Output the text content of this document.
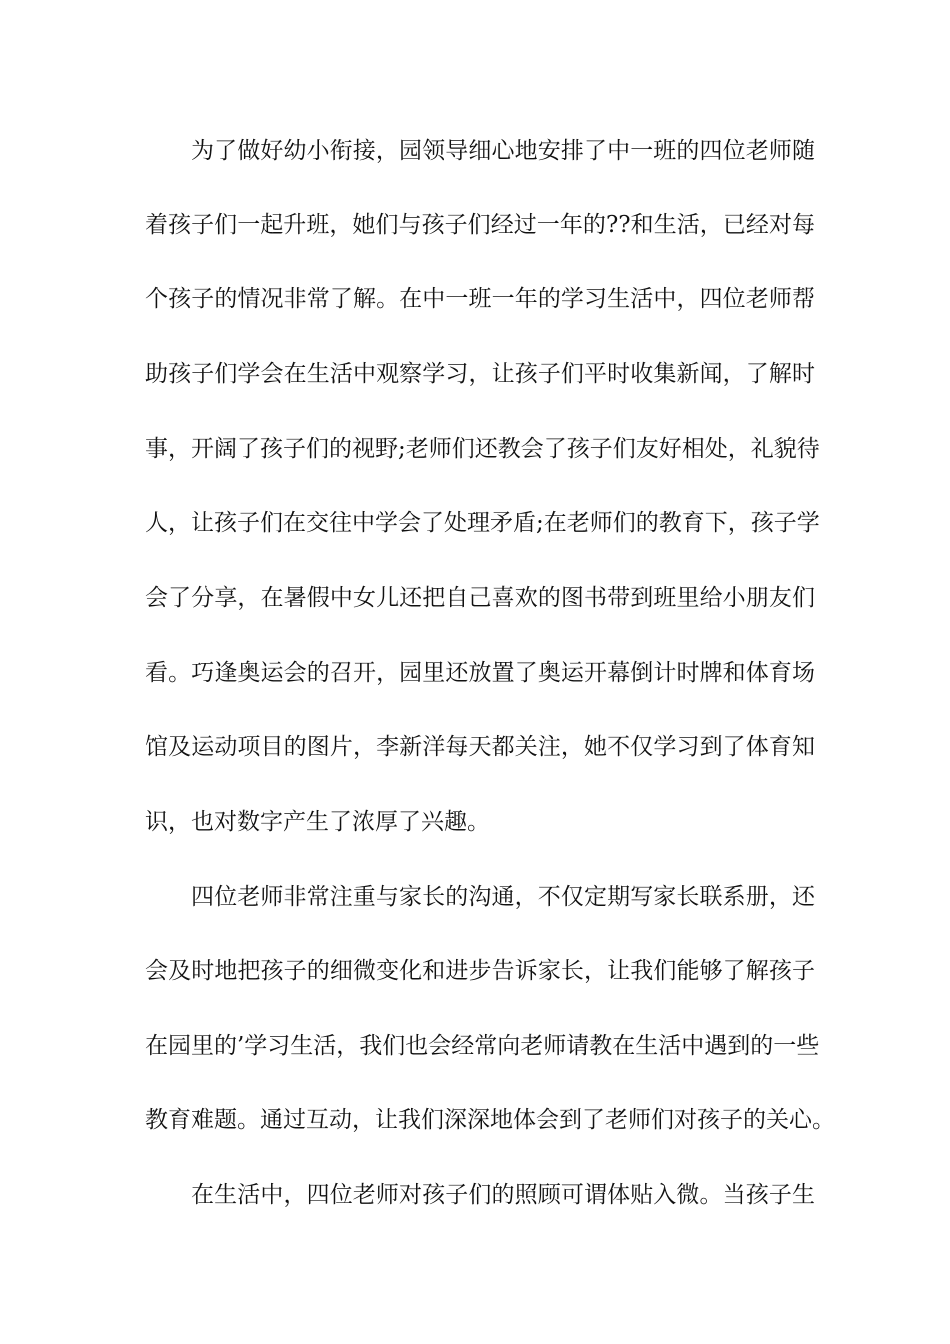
为了做好幼小衔接，园领导细心地安排了中一班的四位老师随
着孩子们一起升班，她们与孩子们经过一年的??和生活，已经对每
个孩子的情况非常了解。在中一班一年的学习生活中，四位老师帮
助孩子们学会在生活中观察学习，让孩子们平时收集新闻，了解时
事，开阔了孩子们的视野;老师们还教会了孩子们友好相处，礼貌待
人，让孩子们在交往中学会了处理矛盾;在老师们的教育下，孩子学
会了分享，在暑假中女儿还把自己喜欢的图书带到班里给小朋友们
看。巧逢奥运会的召开，园里还放置了奥运开幕倒计时牌和体育场
馆及运动项目的图片，李新洋每天都关注，她不仅学习到了体育知
识，也对数字产生了浓厚了兴趣。
四位老师非常注重与家长的沟通，不仅定期写家长联系册，还
会及时地把孩子的细微变化和进步告诉家长，让我们能够了解孩子
在园里的’学习生活，我们也会经常向老师请教在生活中遇到的一些
教育难题。通过互动，让我们深深地体会到了老师们对孩子的关心。
在生活中，四位老师对孩子们的照顾可谓体贴入微。当孩子生
